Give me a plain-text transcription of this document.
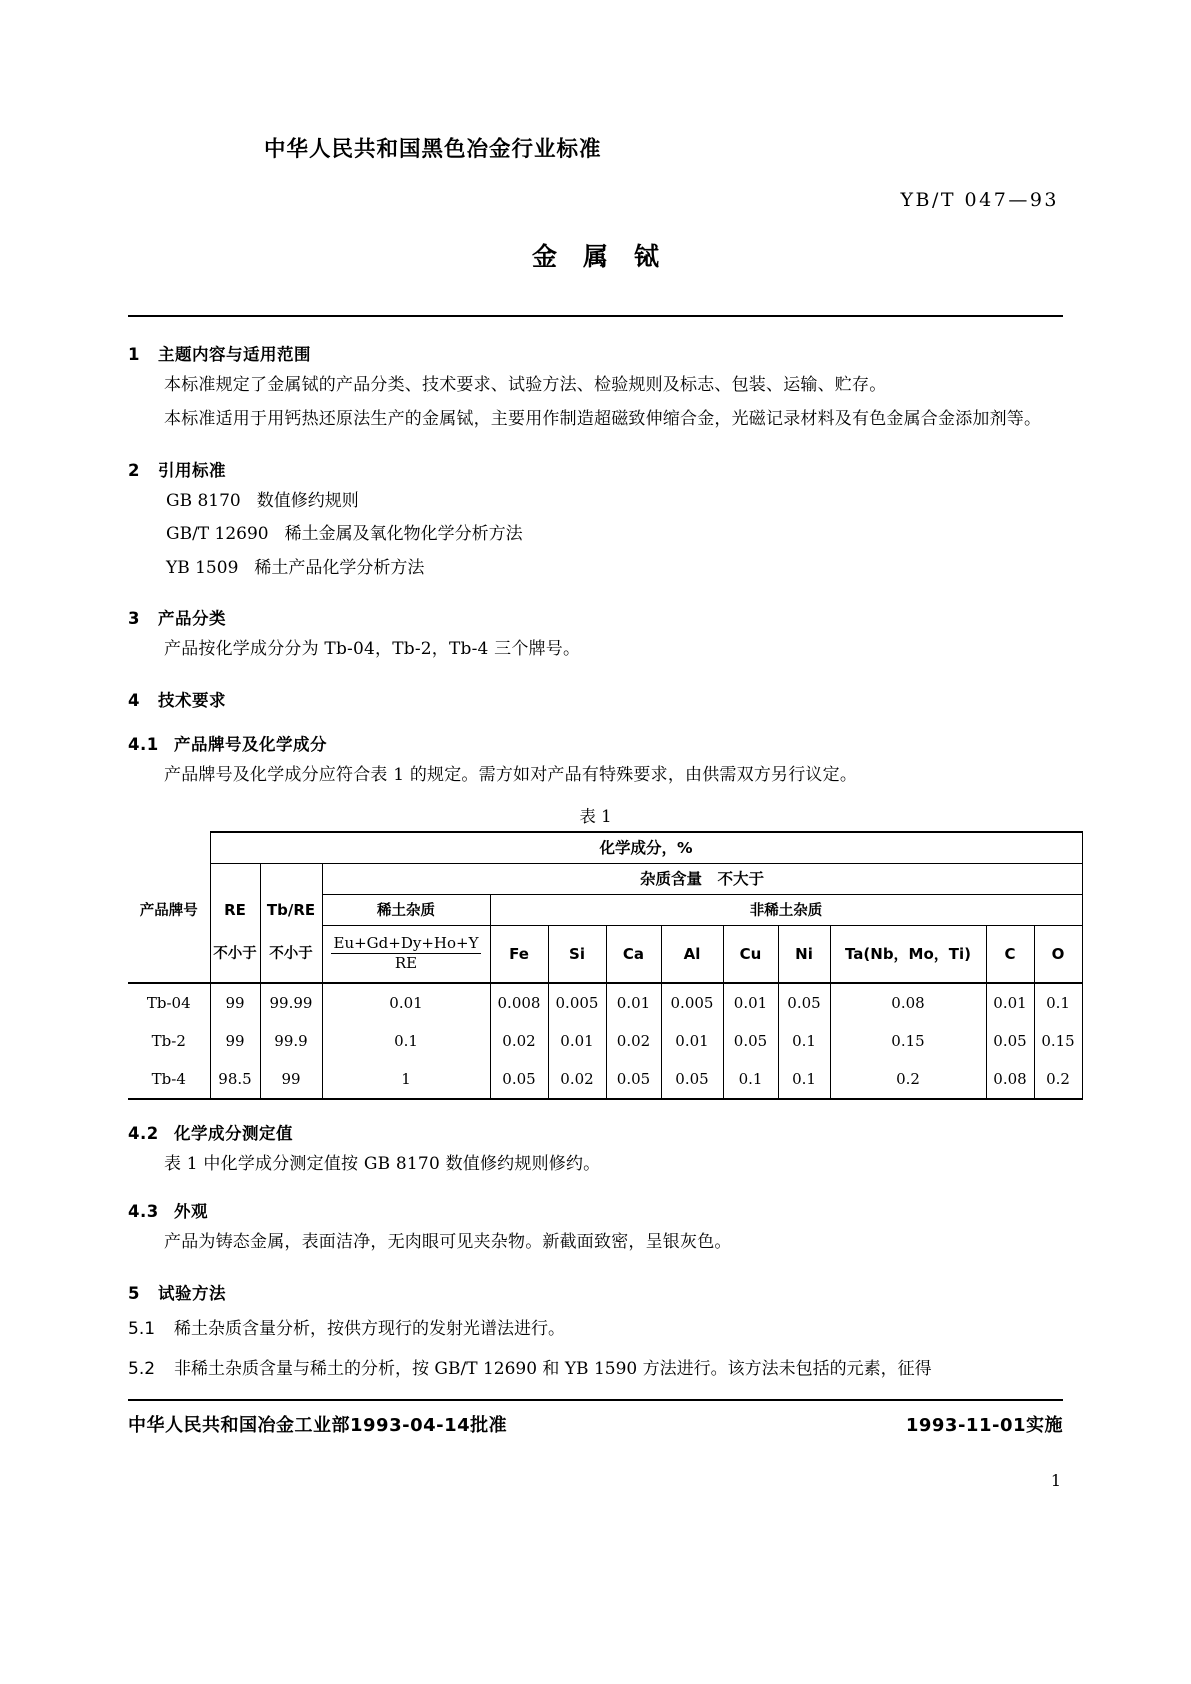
中华人民共和国黑色冶金行业标准
YB/T 047—93
金属铽
1 主题内容与适用范围
本标准规定了金属铽的产品分类、技术要求、试验方法、检验规则及标志、包装、运输、贮存。
本标准适用于用钙热还原法生产的金属铽，主要用作制造超磁致伸缩合金，光磁记录材料及有色金属合金添加剂等。
2 引用标准
GB 8170 数值修约规则
GB/T 12690 稀土金属及氧化物化学分析方法
YB 1509 稀土产品化学分析方法
3 产品分类
产品按化学成分分为 Tb-04，Tb-2，Tb-4 三个牌号。
4 技术要求
4.1 产品牌号及化学成分
产品牌号及化学成分应符合表 1 的规定。需方如对产品有特殊要求，由供需双方另行议定。
表 1
	化学成分，%											
			杂质含量　不大于									
产品牌号	RE	Tb/RE	稀土杂质	非稀土杂质								
	不小于	不小于	$\frac{Eu+Gd+Dy+Ho+Y}{RE}$	Fe	Si	Ca	Al	Cu	Ni	Ta(Nb，Mo，Ti)	C	O
Tb-04	99	99.99	0.01	0.008	0.005	0.01	0.005	0.01	0.05	0.08	0.01	0.1
Tb-2	99	99.9	0.1	0.02	0.01	0.02	0.01	0.05	0.1	0.15	0.05	0.15
Tb-4	98.5	99	1	0.05	0.02	0.05	0.05	0.1	0.1	0.2	0.08	0.2
4.2 化学成分测定值
表 1 中化学成分测定值按 GB 8170 数值修约规则修约。
4.3 外观
产品为铸态金属，表面洁净，无肉眼可见夹杂物。新截面致密，呈银灰色。
5 试验方法
5.1 稀土杂质含量分析，按供方现行的发射光谱法进行。
5.2 非稀土杂质含量与稀土的分析，按 GB/T 12690 和 YB 1590 方法进行。该方法未包括的元素，征得
中华人民共和国冶金工业部1993-04-14批准	1993-11-01实施
1
